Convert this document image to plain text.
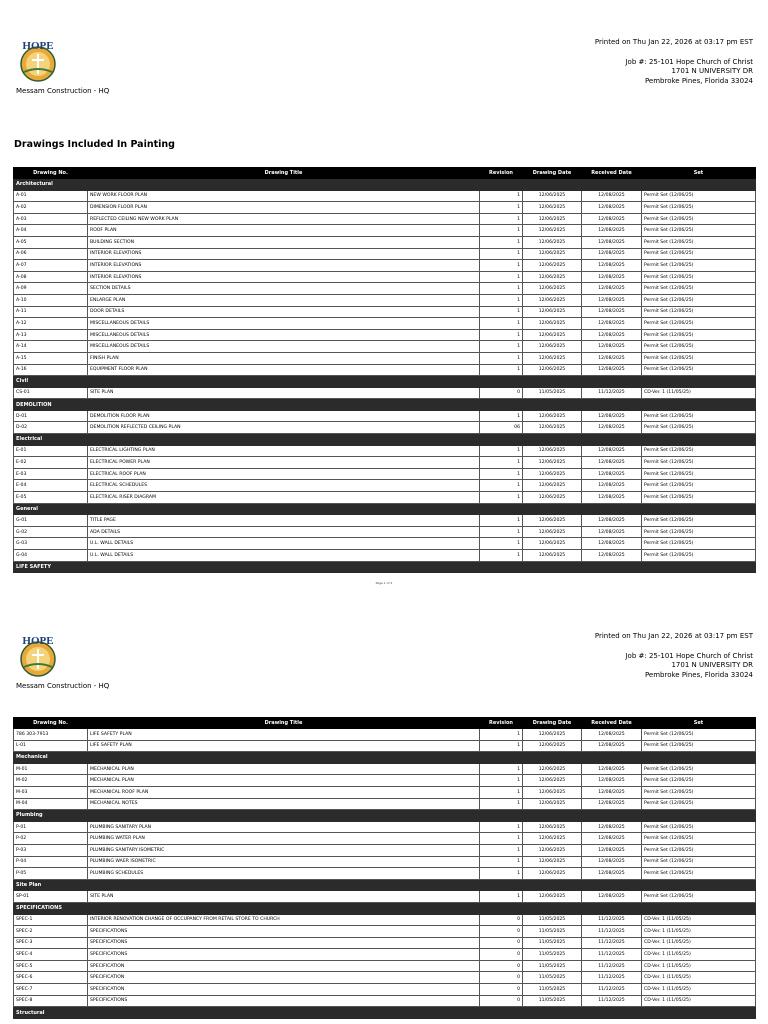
HOPE
Messam Construction - HQ
Printed on Thu Jan 22, 2026 at 03:17 pm EST
Job #: 25-101 Hope Church of Christ
1701 N UNIVERSITY DR
Pembroke Pines, Florida 33024
Drawings Included In Painting
Drawing No.	Drawing Title	Revision	Drawing Date	Received Date	Set
Architectural					
A-01	NEW WORK FLOOR PLAN	1	12/06/2025	12/08/2025	Permit Set (12/06/25)
A-02	DIMENSION FLOOR PLAN	1	12/06/2025	12/08/2025	Permit Set (12/06/25)
A-03	REFLECTED CEILING NEW WORK PLAN	1	12/06/2025	12/08/2025	Permit Set (12/06/25)
A-04	ROOF PLAN	1	12/06/2025	12/08/2025	Permit Set (12/06/25)
A-05	BUILDING SECTION	1	12/06/2025	12/08/2025	Permit Set (12/06/25)
A-06	INTERIOR ELEVATIONS	1	12/06/2025	12/08/2025	Permit Set (12/06/25)
A-07	INTERIOR ELEVATIONS	1	12/06/2025	12/08/2025	Permit Set (12/06/25)
A-08	INTERIOR ELEVATIONS	1	12/06/2025	12/08/2025	Permit Set (12/06/25)
A-09	SECTION DETAILS	1	12/06/2025	12/08/2025	Permit Set (12/06/25)
A-10	ENLARGE PLAN	1	12/06/2025	12/08/2025	Permit Set (12/06/25)
A-11	DOOR DETAILS	1	12/06/2025	12/08/2025	Permit Set (12/06/25)
A-12	MISCELLANEOUS DETAILS	1	12/06/2025	12/08/2025	Permit Set (12/06/25)
A-13	MISCELLANEOUS DETAILS	1	12/06/2025	12/08/2025	Permit Set (12/06/25)
A-14	MISCELLANEOUS DETAILS	1	12/06/2025	12/08/2025	Permit Set (12/06/25)
A-15	FINISH PLAN	1	12/06/2025	12/08/2025	Permit Set (12/06/25)
A-16	EQUIPMENT FLOOR PLAN	1	12/06/2025	12/08/2025	Permit Set (12/06/25)
Civil					
CS-01	SITE PLAN	0	11/05/2025	11/12/2025	CD-Ver. 1 (11/05/25)
DEMOLITION					
D-01	DEMOLITION FLOOR PLAN	1	12/06/2025	12/08/2025	Permit Set (12/06/25)
D-02	DEMOLITION REFLECTED CEILING PLAN	06	12/06/2025	12/08/2025	Permit Set (12/06/25)
Electrical					
E-01	ELECTRICAL LIGHTING PLAN	1	12/06/2025	12/08/2025	Permit Set (12/06/25)
E-02	ELECTRICAL POWER PLAN	1	12/06/2025	12/08/2025	Permit Set (12/06/25)
E-03	ELECTRICAL ROOF PLAN	1	12/06/2025	12/08/2025	Permit Set (12/06/25)
E-04	ELECTRICAL SCHEDULES	1	12/06/2025	12/08/2025	Permit Set (12/06/25)
E-05	ELECTRICAL RISER DIAGRAM	1	12/06/2025	12/08/2025	Permit Set (12/06/25)
General					
G-01	TITLE PAGE	1	12/06/2025	12/08/2025	Permit Set (12/06/25)
G-02	ADA DETAILS	1	12/06/2025	12/08/2025	Permit Set (12/06/25)
G-03	U.L. WALL DETAILS	1	12/06/2025	12/08/2025	Permit Set (12/06/25)
G-04	U.L. WALL DETAILS	1	12/06/2025	12/08/2025	Permit Set (12/06/25)
LIFE SAFETY					
Page 1 of 2
HOPE
Messam Construction - HQ
Printed on Thu Jan 22, 2026 at 03:17 pm EST
Job #: 25-101 Hope Church of Christ
1701 N UNIVERSITY DR
Pembroke Pines, Florida 33024
Drawing No.	Drawing Title	Revision	Drawing Date	Received Date	Set
786 303-7913	LIFE SAFETY PLAN	1	12/06/2025	12/08/2025	Permit Set (12/06/25)
L-01	LIFE SAFETY PLAN	1	12/06/2025	12/08/2025	Permit Set (12/06/25)
Mechanical					
M-01	MECHANICAL PLAN	1	12/06/2025	12/08/2025	Permit Set (12/06/25)
M-02	MECHANICAL PLAN	1	12/06/2025	12/08/2025	Permit Set (12/06/25)
M-03	MECHANICAL ROOF PLAN	1	12/06/2025	12/08/2025	Permit Set (12/06/25)
M-04	MECHANICAL NOTES	1	12/06/2025	12/08/2025	Permit Set (12/06/25)
Plumbing					
P-01	PLUMBING SANITARY PLAN	1	12/06/2025	12/08/2025	Permit Set (12/06/25)
P-02	PLUMBING WATER PLAN	1	12/06/2025	12/08/2025	Permit Set (12/06/25)
P-03	PLUMBING SANITARY ISOMETRIC	1	12/06/2025	12/08/2025	Permit Set (12/06/25)
P-04	PLUMBING WAER ISOMETRIC	1	12/06/2025	12/08/2025	Permit Set (12/06/25)
P-05	PLUMBING SCHEDULES	1	12/06/2025	12/08/2025	Permit Set (12/06/25)
Site Plan					
SP-01	SITE PLAN	1	12/06/2025	12/08/2025	Permit Set (12/06/25)
SPECIFICATIONS					
SPEC-1	INTERIOR RENOVATION CHANGE OF OCCUPANCY FROM RETAIL STORE TO CHURCH	0	11/05/2025	11/12/2025	CD-Ver. 1 (11/05/25)
SPEC-2	SPECIFICATIONS	0	11/05/2025	11/12/2025	CD-Ver. 1 (11/05/25)
SPEC-3	SPECIFICATIONS	0	11/05/2025	11/12/2025	CD-Ver. 1 (11/05/25)
SPEC-4	SPECIFICATIONS	0	11/05/2025	11/12/2025	CD-Ver. 1 (11/05/25)
SPEC-5	SPECIFICATION	0	11/05/2025	11/12/2025	CD-Ver. 1 (11/05/25)
SPEC-6	SPECIFICATION	0	11/05/2025	11/12/2025	CD-Ver. 1 (11/05/25)
SPEC-7	SPECIFICATION	0	11/05/2025	11/12/2025	CD-Ver. 1 (11/05/25)
SPEC-8	SPECIFICATIONS	0	11/05/2025	11/12/2025	CD-Ver. 1 (11/05/25)
Structural					
